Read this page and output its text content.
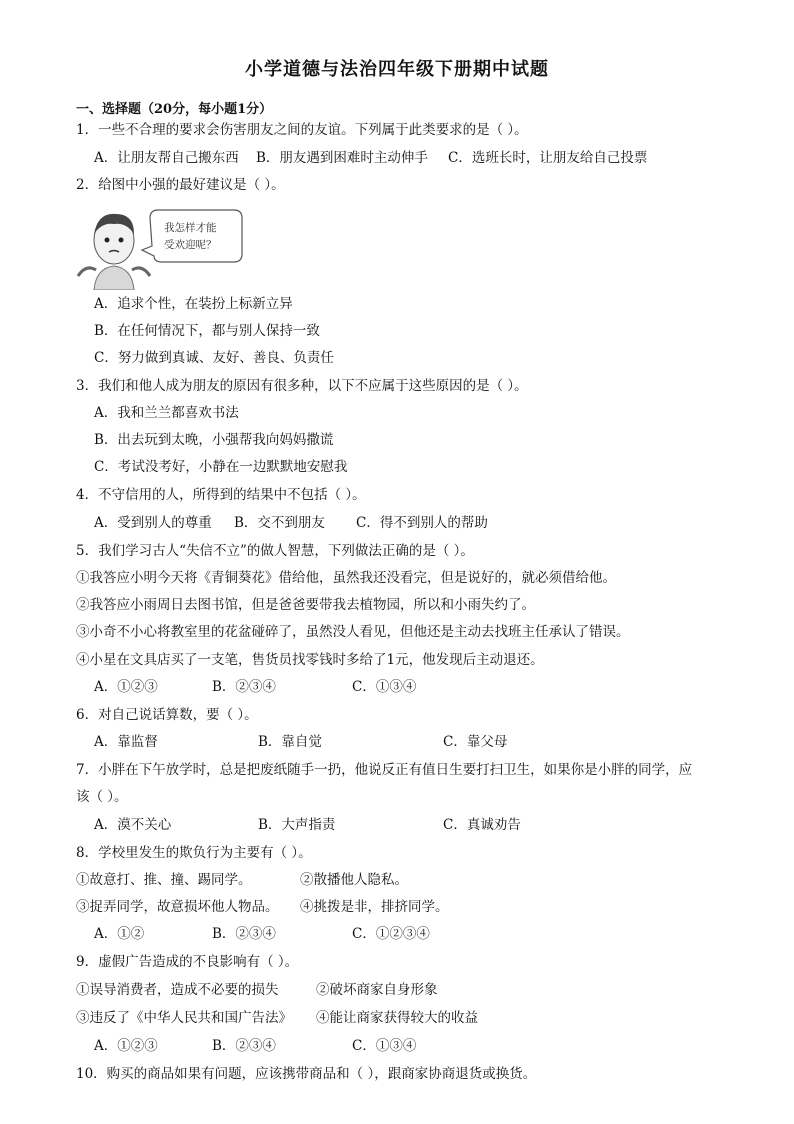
小学道德与法治四年级下册期中试题
一、选择题（20分，每小题1分）
1．一些不合理的要求会伤害朋友之间的友谊。下列属于此类要求的是（ ）。
A．让朋友帮自己搬东西 B．朋友遇到困难时主动伸手 C．选班长时，让朋友给自己投票
2．给图中小强的最好建议是（ ）。
我怎样才能
受欢迎呢？
A．追求个性，在装扮上标新立异
B．在任何情况下，都与别人保持一致
C．努力做到真诚、友好、善良、负责任
3．我们和他人成为朋友的原因有很多种，以下不应属于这些原因的是（ ）。
A．我和兰兰都喜欢书法
B．出去玩到太晚，小强帮我向妈妈撒谎
C．考试没考好，小静在一边默默地安慰我
4．不守信用的人，所得到的结果中不包括（ ）。
A．受到别人的尊重 B．交不到朋友 C．得不到别人的帮助
5．我们学习古人“失信不立”的做人智慧，下列做法正确的是（ ）。
①我答应小明今天将《青铜葵花》借给他，虽然我还没看完，但是说好的，就必须借给他。
②我答应小雨周日去图书馆，但是爸爸要带我去植物园，所以和小雨失约了。
③小奇不小心将教室里的花盆碰碎了，虽然没人看见，但他还是主动去找班主任承认了错误。
④小星在文具店买了一支笔，售货员找零钱时多给了1元，他发现后主动退还。
A．①②③	B．②③④	C．①③④
6．对自己说话算数，要（ ）。
A．靠监督	B．靠自觉	C．靠父母
7．小胖在下午放学时，总是把废纸随手一扔，他说反正有值日生要打扫卫生，如果你是小胖的同学，应
该（ ）。
A．漠不关心	B．大声指责	C．真诚劝告
8．学校里发生的欺负行为主要有（ ）。
①故意打、推、撞、踢同学。	②散播他人隐私。
③捉弄同学，故意损坏他人物品。 ④挑拨是非，排挤同学。
A．①②	B．②③④	C．①②③④
9．虚假广告造成的不良影响有（ ）。
①误导消费者，造成不必要的损失	②破坏商家自身形象
③违反了《中华人民共和国广告法》 ④能让商家获得较大的收益
A．①②③	B．②③④	C．①③④
10．购买的商品如果有问题，应该携带商品和（ ），跟商家协商退货或换货。
